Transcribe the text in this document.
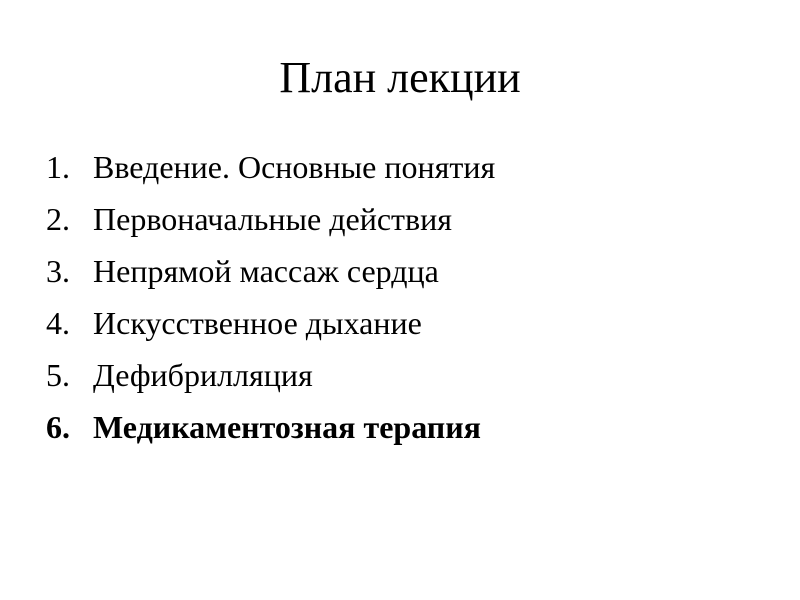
План лекции
1. Введение. Основные понятия
2. Первоначальные действия
3. Непрямой массаж сердца
4. Искусственное дыхание
5. Дефибрилляция
6. Медикаментозная терапия
